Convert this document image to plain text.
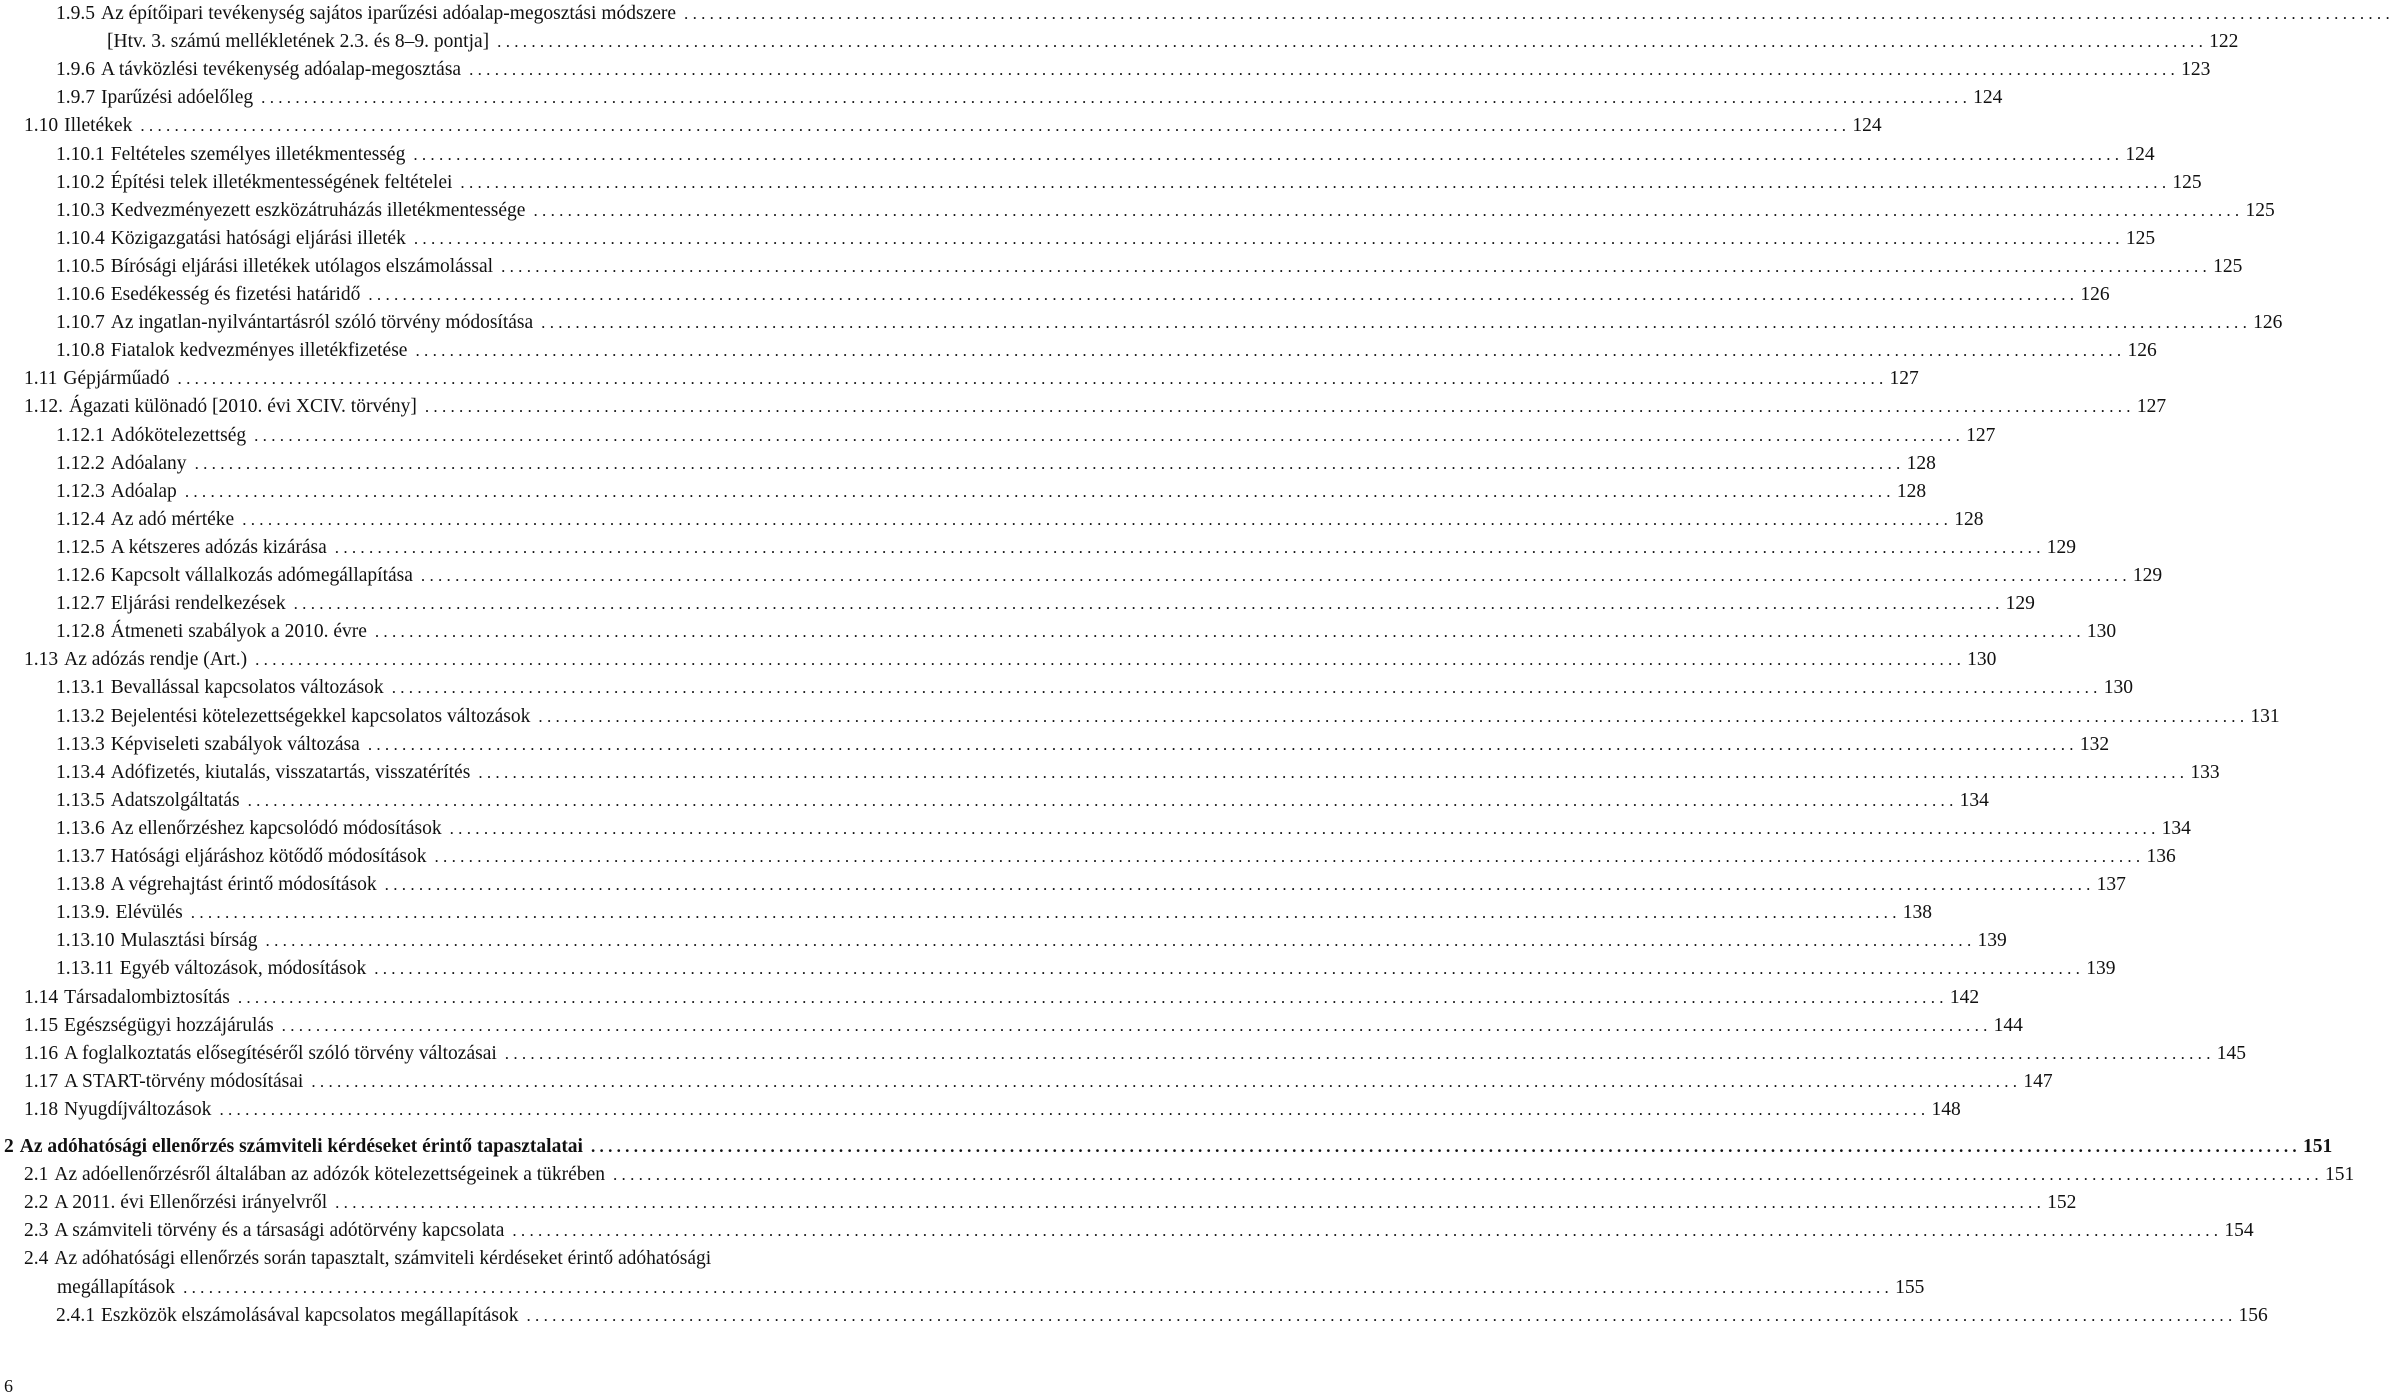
1.9.5 Az építőipari tevékenység sajátos iparűzési adóalap-megosztási módszere ........................................................................................................................................................................................................
[Htv. 3. számú mellékletének 2.3. és 8–9. pontja] ........................................................................................................................................................................................................ 122
1.9.6 A távközlési tevékenység adóalap-megosztása ........................................................................................................................................................................................................ 123
1.9.7 Iparűzési adóelőleg ........................................................................................................................................................................................................ 124
1.10 Illetékek ........................................................................................................................................................................................................ 124
1.10.1 Feltételes személyes illetékmentesség ........................................................................................................................................................................................................ 124
1.10.2 Építési telek illetékmentességének feltételei ........................................................................................................................................................................................................ 125
1.10.3 Kedvezményezett eszközátruházás illetékmentessége ........................................................................................................................................................................................................ 125
1.10.4 Közigazgatási hatósági eljárási illeték ........................................................................................................................................................................................................ 125
1.10.5 Bírósági eljárási illetékek utólagos elszámolással ........................................................................................................................................................................................................ 125
1.10.6 Esedékesség és fizetési határidő ........................................................................................................................................................................................................ 126
1.10.7 Az ingatlan-nyilvántartásról szóló törvény módosítása ........................................................................................................................................................................................................ 126
1.10.8 Fiatalok kedvezményes illetékfizetése ........................................................................................................................................................................................................ 126
1.11 Gépjárműadó ........................................................................................................................................................................................................ 127
1.12. Ágazati különadó [2010. évi XCIV. törvény] ........................................................................................................................................................................................................ 127
1.12.1 Adókötelezettség ........................................................................................................................................................................................................ 127
1.12.2 Adóalany ........................................................................................................................................................................................................ 128
1.12.3 Adóalap ........................................................................................................................................................................................................ 128
1.12.4 Az adó mértéke ........................................................................................................................................................................................................ 128
1.12.5 A kétszeres adózás kizárása ........................................................................................................................................................................................................ 129
1.12.6 Kapcsolt vállalkozás adómegállapítása ........................................................................................................................................................................................................ 129
1.12.7 Eljárási rendelkezések ........................................................................................................................................................................................................ 129
1.12.8 Átmeneti szabályok a 2010. évre ........................................................................................................................................................................................................ 130
1.13 Az adózás rendje (Art.) ........................................................................................................................................................................................................ 130
1.13.1 Bevallással kapcsolatos változások ........................................................................................................................................................................................................ 130
1.13.2 Bejelentési kötelezettségekkel kapcsolatos változások ........................................................................................................................................................................................................ 131
1.13.3 Képviseleti szabályok változása ........................................................................................................................................................................................................ 132
1.13.4 Adófizetés, kiutalás, visszatartás, visszatérítés ........................................................................................................................................................................................................ 133
1.13.5 Adatszolgáltatás ........................................................................................................................................................................................................ 134
1.13.6 Az ellenőrzéshez kapcsolódó módosítások ........................................................................................................................................................................................................ 134
1.13.7 Hatósági eljáráshoz kötődő módosítások ........................................................................................................................................................................................................ 136
1.13.8 A végrehajtást érintő módosítások ........................................................................................................................................................................................................ 137
1.13.9. Elévülés ........................................................................................................................................................................................................ 138
1.13.10 Mulasztási bírság ........................................................................................................................................................................................................ 139
1.13.11 Egyéb változások, módosítások ........................................................................................................................................................................................................ 139
1.14 Társadalombiztosítás ........................................................................................................................................................................................................ 142
1.15 Egészségügyi hozzájárulás ........................................................................................................................................................................................................ 144
1.16 A foglalkoztatás elősegítéséről szóló törvény változásai ........................................................................................................................................................................................................ 145
1.17 A START-törvény módosításai ........................................................................................................................................................................................................ 147
1.18 Nyugdíjváltozások ........................................................................................................................................................................................................ 148
2 Az adóhatósági ellenőrzés számviteli kérdéseket érintő tapasztalatai ........................................................................................................................................................................................................ 151
2.1 Az adóellenőrzésről általában az adózók kötelezettségeinek a tükrében ........................................................................................................................................................................................................ 151
2.2 A 2011. évi Ellenőrzési irányelvről ........................................................................................................................................................................................................ 152
2.3 A számviteli törvény és a társasági adótörvény kapcsolata ........................................................................................................................................................................................................ 154
2.4 Az adóhatósági ellenőrzés során tapasztalt, számviteli kérdéseket érintő adóhatósági
megállapítások ........................................................................................................................................................................................................ 155
2.4.1 Eszközök elszámolásával kapcsolatos megállapítások ........................................................................................................................................................................................................ 156
6
